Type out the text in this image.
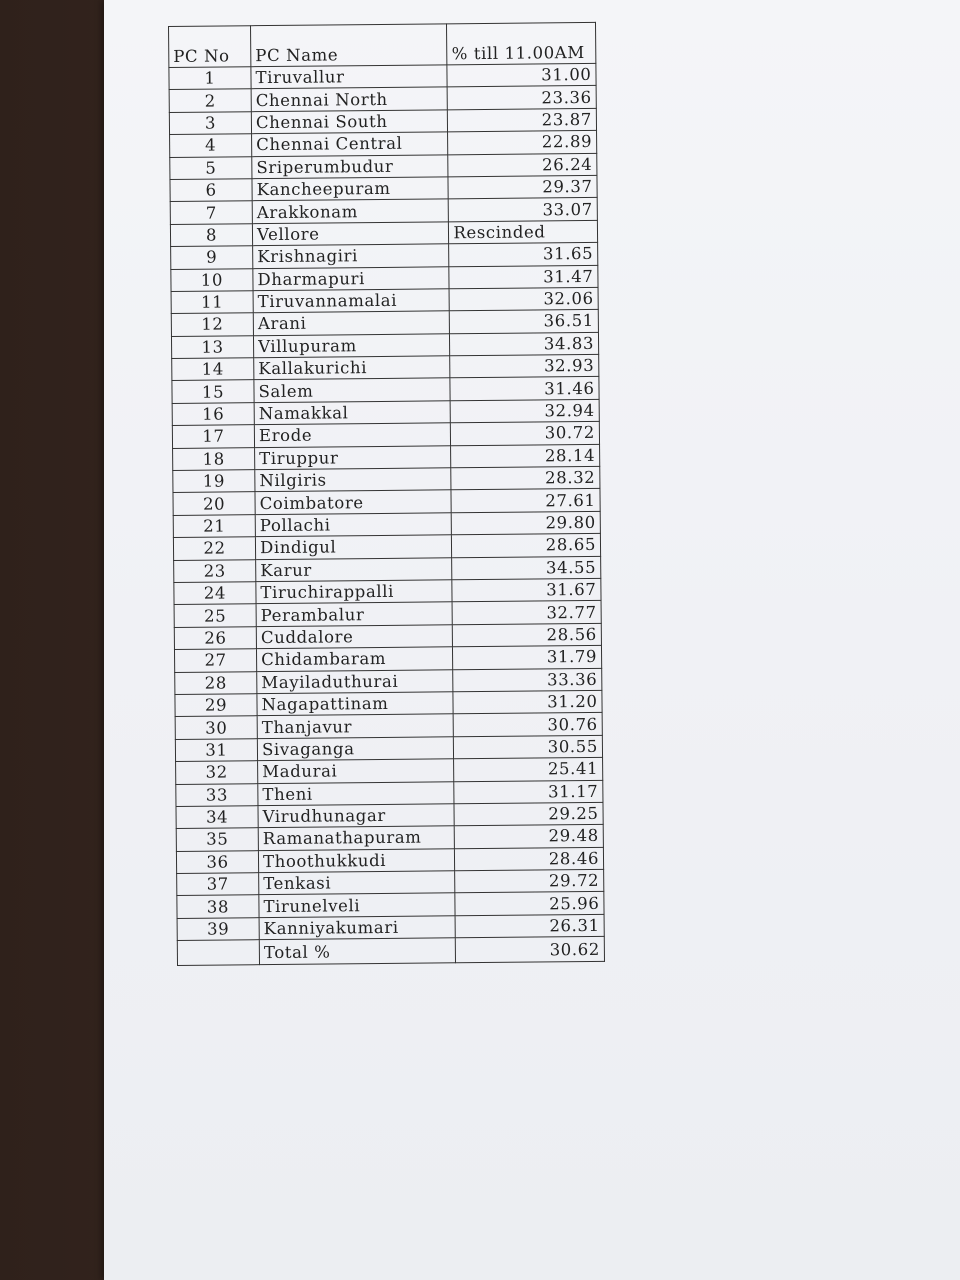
PC No	PC Name	% till 11.00AM
1	Tiruvallur	31.00
2	Chennai North	23.36
3	Chennai South	23.87
4	Chennai Central	22.89
5	Sriperumbudur	26.24
6	Kancheepuram	29.37
7	Arakkonam	33.07
8	Vellore	Rescinded
9	Krishnagiri	31.65
10	Dharmapuri	31.47
11	Tiruvannamalai	32.06
12	Arani	36.51
13	Villupuram	34.83
14	Kallakurichi	32.93
15	Salem	31.46
16	Namakkal	32.94
17	Erode	30.72
18	Tiruppur	28.14
19	Nilgiris	28.32
20	Coimbatore	27.61
21	Pollachi	29.80
22	Dindigul	28.65
23	Karur	34.55
24	Tiruchirappalli	31.67
25	Perambalur	32.77
26	Cuddalore	28.56
27	Chidambaram	31.79
28	Mayiladuthurai	33.36
29	Nagapattinam	31.20
30	Thanjavur	30.76
31	Sivaganga	30.55
32	Madurai	25.41
33	Theni	31.17
34	Virudhunagar	29.25
35	Ramanathapuram	29.48
36	Thoothukkudi	28.46
37	Tenkasi	29.72
38	Tirunelveli	25.96
39	Kanniyakumari	26.31
	Total %	30.62
